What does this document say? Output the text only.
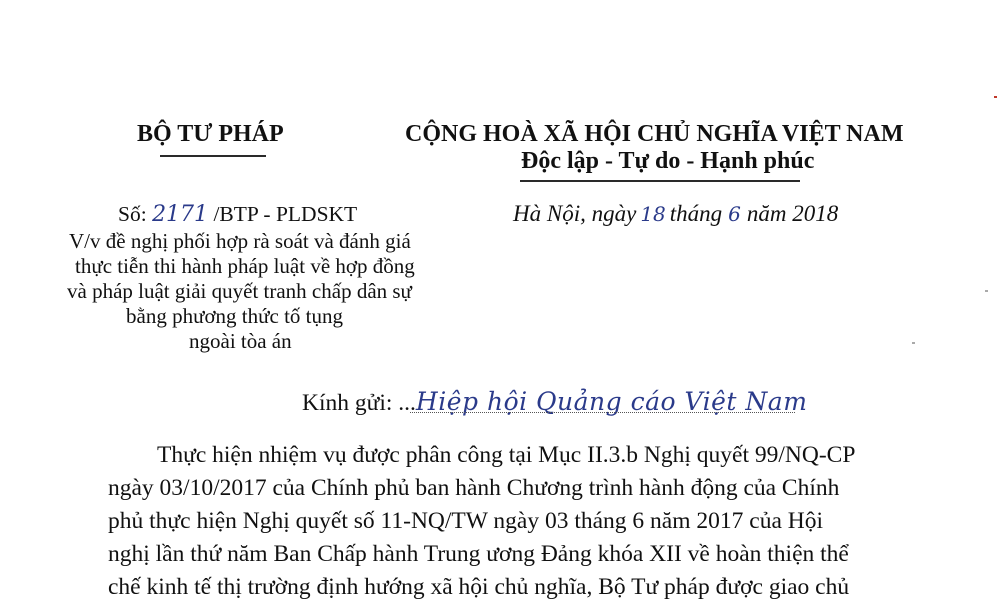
BỘ TƯ PHÁP
Số: 2171 /BTP - PLDSKT
V/v đề nghị phối hợp rà soát và đánh giá
thực tiễn thi hành pháp luật về hợp đồng
và pháp luật giải quyết tranh chấp dân sự
bằng phương thức tố tụng
ngoài tòa án
CỘNG HOÀ XÃ HỘI CHỦ NGHĨA VIỆT NAM
Độc lập - Tự do - Hạnh phúc
Hà Nội, ngày 18 tháng 6 năm 2018
Kính gửi: ...Hiệp hội Quảng cáo Việt Nam
Thực hiện nhiệm vụ được phân công tại Mục II.3.b Nghị quyết 99/NQ-CP
ngày 03/10/2017 của Chính phủ ban hành Chương trình hành động của Chính
phủ thực hiện Nghị quyết số 11-NQ/TW ngày 03 tháng 6 năm 2017 của Hội
nghị lần thứ năm Ban Chấp hành Trung ương Đảng khóa XII về hoàn thiện thể
chế kinh tế thị trường định hướng xã hội chủ nghĩa, Bộ Tư pháp được giao chủ
